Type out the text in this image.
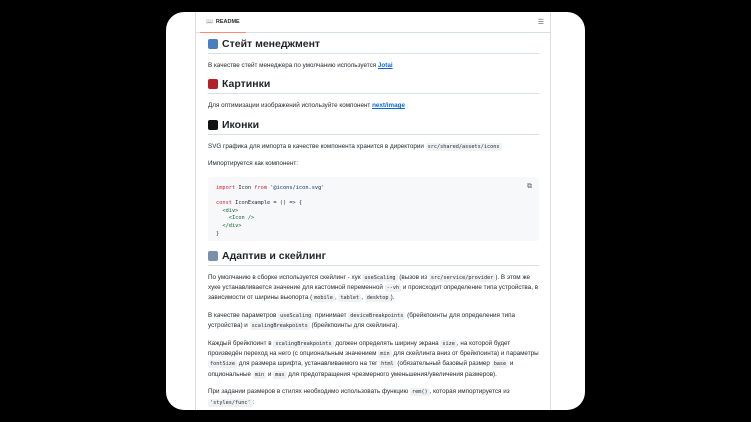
📖 README	☰
Стейт менеджмент

В качестве стейт менеджера по умолчанию используется Jotai

Картинки

Для оптимизации изображений используйте компонент next/image

Иконки

SVG графика для импорта в качестве компонента хранится в директории src/shared/assets/icons

Импортируется как компонент:

import Icon from '@icons/icon.svg'
const IconExample = () => {
<div>
<Icon />
</div>
}
⧉
Адаптив и скейлинг

По умолчанию в сборке используется скейлинг - хук useScaling (вызов из src/service/provider ). В этом же хуке устанавливается значение для кастомной переменной --vh и происходит определение типа устройства, в зависимости от ширины вьюпорта ( mobile , tablet , desktop ).

В качестве параметров useScaling принимает deviceBreakpoints (брейкпоинты для определения типа устройства) и scalingBreakpoints (брейкпоинты для скейлинга).

Каждый брейкпоинт в scalingBreakpoints должен определять ширину экрана size , на которой будет произведён переход на него (с опциональным значением min для скейлинга вниз от брейкпоинта) и параметры fontSize для размера шрифта, устанавливаемого на тег html (обязательный базовый размер base и опциональные min и max для предотвращения чрезмерного уменьшения/увеличения размеров).

При задании размеров в стилях необходимо использовать функцию rem() , которая импортируется из 'styles/func' :
